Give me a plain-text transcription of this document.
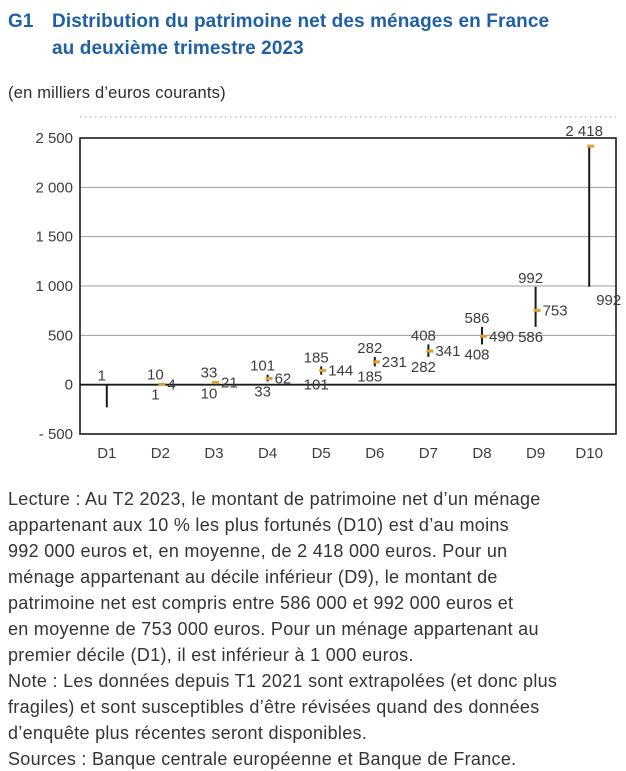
G1 Distribution du patrimoine net des ménages en France
au deuxième trimestre 2023
(en milliers d’euros courants)
2 500
2 000
1 500
1 000
500
0
- 500
1
D1
10
1
4
D2
33
10
21
D3
101
33
62
D4
185
101
144
D5
282
185
231
D6
408
282
341
D7
586
408
490
D8
992
586
753
D9
2 418
992
D10
Lecture : Au T2 2023, le montant de patrimoine net d’un ménage
appartenant aux 10 % les plus fortunés (D10) est d’au moins
992 000 euros et, en moyenne, de 2 418 000 euros. Pour un
ménage appartenant au décile inférieur (D9), le montant de
patrimoine net est compris entre 586 000 et 992 000 euros et
en moyenne de 753 000 euros. Pour un ménage appartenant au
premier décile (D1), il est inférieur à 1 000 euros.
Note : Les données depuis T1 2021 sont extrapolées (et donc plus
fragiles) et sont susceptibles d’être révisées quand des données
d’enquête plus récentes seront disponibles.
Sources : Banque centrale européenne et Banque de France.
